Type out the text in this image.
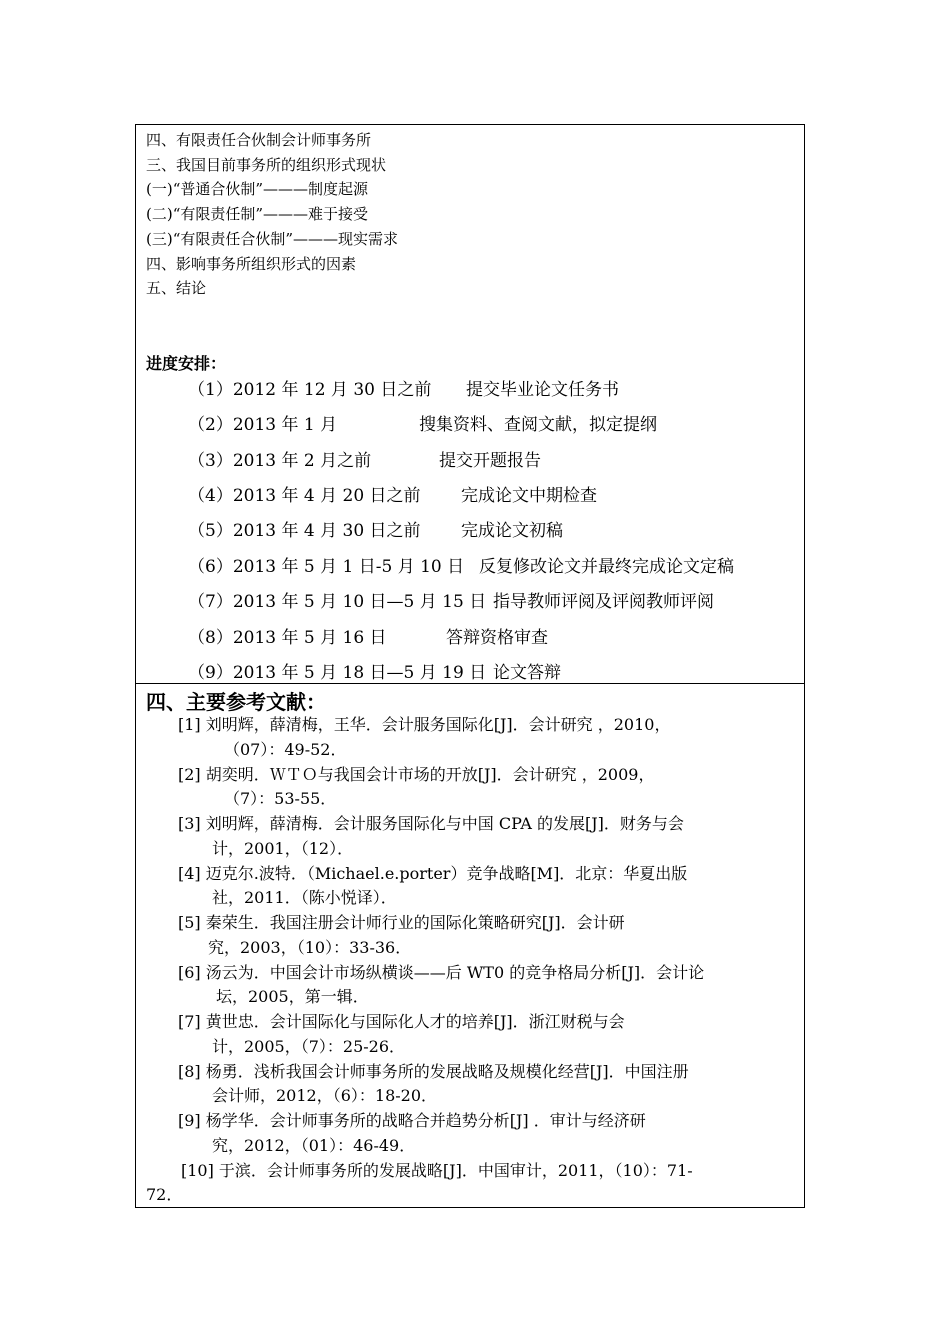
四、有限责任合伙制会计师事务所
三、我国目前事务所的组织形式现状
(一)“普通合伙制”———制度起源
(二)“有限责任制”———难于接受
(三)“有限责任合伙制”———现实需求
四、影响事务所组织形式的因素
五、结论
进度安排：
（1）2012 年 12 月 30 日之前 提交毕业论文任务书
（2）2013 年 1 月	搜集资料、查阅文献，拟定提纲
（3）2013 年 2 月之前	提交开题报告
（4）2013 年 4 月 20 日之前 完成论文中期检查
（5）2013 年 4 月 30 日之前 完成论文初稿
（6）2013 年 5 月 1 日-5 月 10 日 反复修改论文并最终完成论文定稿
（7）2013 年 5 月 10 日—5 月 15 日 指导教师评阅及评阅教师评阅
（8）2013 年 5 月 16 日	答辩资格审查
（9）2013 年 5 月 18 日—5 月 19 日 论文答辩
四、主要参考文献：
[1] 刘明辉，薛清梅，王华．会计服务国际化[J]．会计研究 ，2010，
（07）：49-52．
[2] 胡奕明．ＷＴＯ与我国会计市场的开放[J]．会计研究 ，2009，
（7）：53-55．
[3] 刘明辉，薛清梅．会计服务国际化与中国 CPA 的发展[J]．财务与会
计，2001，（12）．
[4] 迈克尔.波特．（Michael.e.porter）竞争战略[M]．北京：华夏出版
社，2011．（陈小悦译）．
[5] 秦荣生．我国注册会计师行业的国际化策略研究[J]．会计研
究，2003，（10）：33-36．
[6] 汤云为．中国会计市场纵横谈——后 WT0 的竞争格局分析[J]．会计论
坛，2005，第一辑．
[7] 黄世忠．会计国际化与国际化人才的培养[J]．浙江财税与会
计，2005，（7）：25-26．
[8] 杨勇．浅析我国会计师事务所的发展战略及规模化经营[J]．中国注册
会计师，2012，（6）：18-20．
[9] 杨学华．会计师事务所的战略合并趋势分析[J] ．审计与经济研
究，2012，（01）：46-49．
[10] 于滨．会计师事务所的发展战略[J]．中国审计，2011，（10）：71-
72．
